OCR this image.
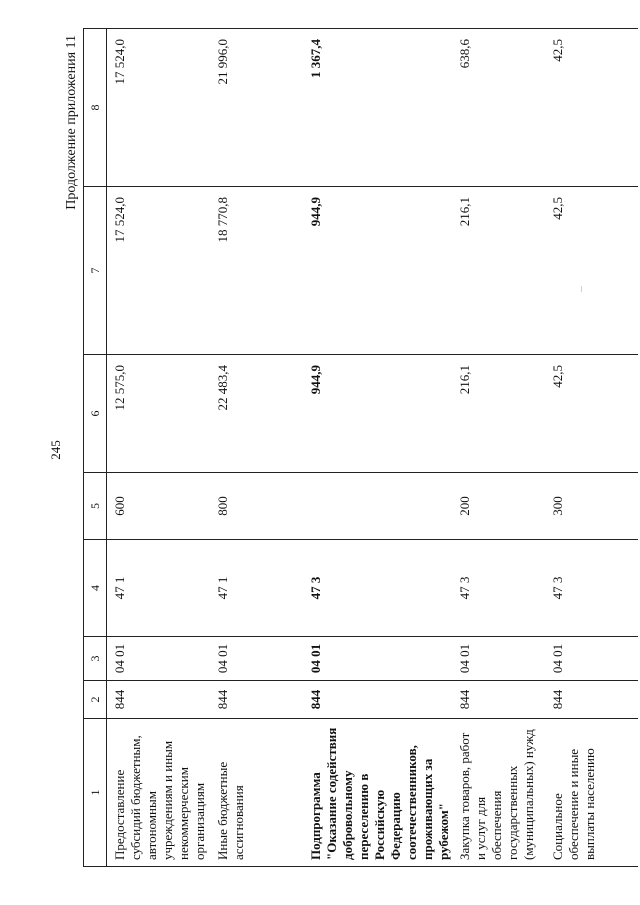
245
Продолжение приложения 11
1	2	3	4	5	6	7	8
Предоставление субсидий бюджетным, автономным учреждениям и иным некоммерческим организациям	844	04 01	47 1	600	12 575,0	17 524,0	17 524,0
Иные бюджетные ассигнования	844	04 01	47 1	800	22 483,4	18 770,8	21 996,0
Подпрограмма "Оказание содействия добровольному переселению в Российскую Федерацию соотечественников, проживающих за рубежом"	844	04 01	47 3		944,9	944,9	1 367,4
Закупка товаров, работ и услуг для обеспечения государственных (муниципальных) нужд	844	04 01	47 3	200	216,1	216,1	638,6
Социальное обеспечение и иные выплаты населению	844	04 01	47 3	300	42,5	42,5	42,5
